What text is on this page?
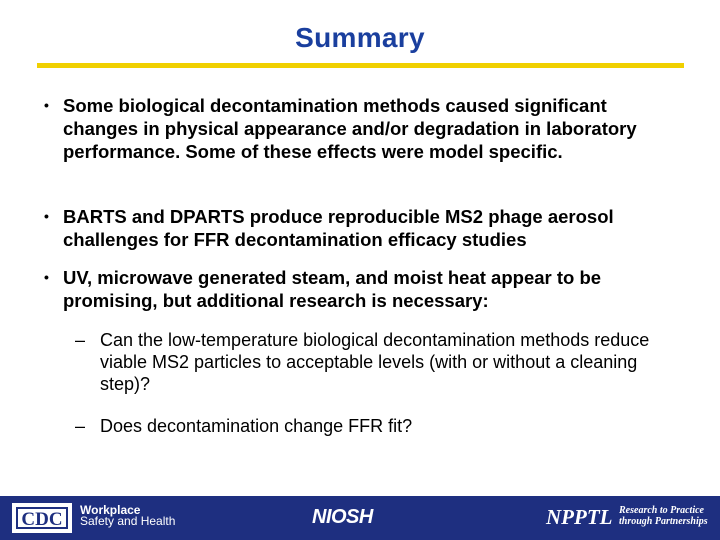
Summary
• Some biological decontamination methods caused significant changes in physical appearance and/or degradation in laboratory performance. Some of these effects were model specific.
• BARTS and DPARTS produce reproducible MS2 phage aerosol challenges for FFR decontamination efficacy studies
• UV, microwave generated steam, and moist heat appear to be promising, but additional research is necessary:
– Can the low-temperature biological decontamination methods reduce viable MS2 particles to acceptable levels (with or without a cleaning step)?
– Does decontamination change FFR fit?
CDC	Workplace
Safety and Health	NIOSH	NPPTL Research to Practice
through Partnerships
